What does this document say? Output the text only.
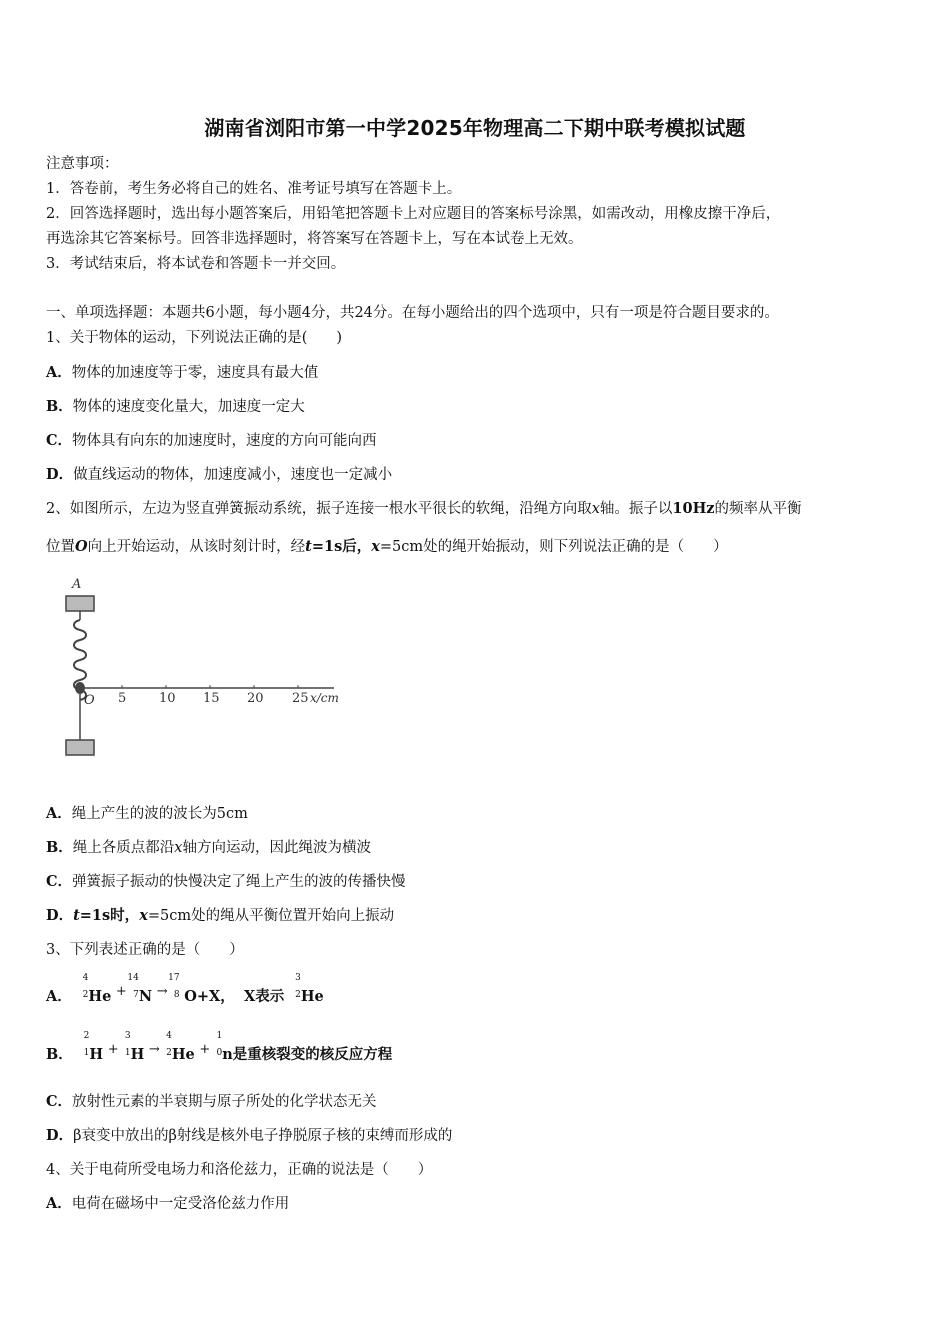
湖南省浏阳市第一中学2025年物理高二下期中联考模拟试题
注意事项：
1．答卷前，考生务必将自己的姓名、准考证号填写在答题卡上。
2．回答选择题时，选出每小题答案后，用铅笔把答题卡上对应题目的答案标号涂黑，如需改动，用橡皮擦干净后，
再选涂其它答案标号。回答非选择题时，将答案写在答题卡上，写在本试卷上无效。
3．考试结束后，将本试卷和答题卡一并交回。
一、单项选择题：本题共6小题，每小题4分，共24分。在每小题给出的四个选项中，只有一项是符合题目要求的。
1、关于物体的运动，下列说法正确的是(　　)
A．物体的加速度等于零，速度具有最大值
B．物体的速度变化量大，加速度一定大
C．物体具有向东的加速度时，速度的方向可能向西
D．做直线运动的物体，加速度减小，速度也一定减小
2、如图所示，左边为竖直弹簧振动系统，振子连接一根水平很长的软绳，沿绳方向取x轴。振子以10Hz的频率从平衡
位置O向上开始运动，从该时刻计时，经t=1s后，x=5cm处的绳开始振动，则下列说法正确的是（　　）
A
O 5	10 15 20 25 x/cm
A．绳上产生的波的波长为5cm
B．绳上各质点都沿x轴方向运动，因此绳波为横波
C．弹簧振子振动的快慢决定了绳上产生的波的传播快慢
D．t=1s时，x=5cm处的绳从平衡位置开始向上振动
3、下列表述正确的是（　　）
A．
4
2 He +
14
7 N →
17
8 O+X， X表示
3
2 He
B．
2
1 H +
3
1 H →
4
2 He +
1
0 n是重核裂变的核反应方程
C．放射性元素的半衰期与原子所处的化学状态无关
D．β衰变中放出的β射线是核外电子挣脱原子核的束缚而形成的
4、关于电荷所受电场力和洛伦兹力，正确的说法是（　　）
A．电荷在磁场中一定受洛伦兹力作用
